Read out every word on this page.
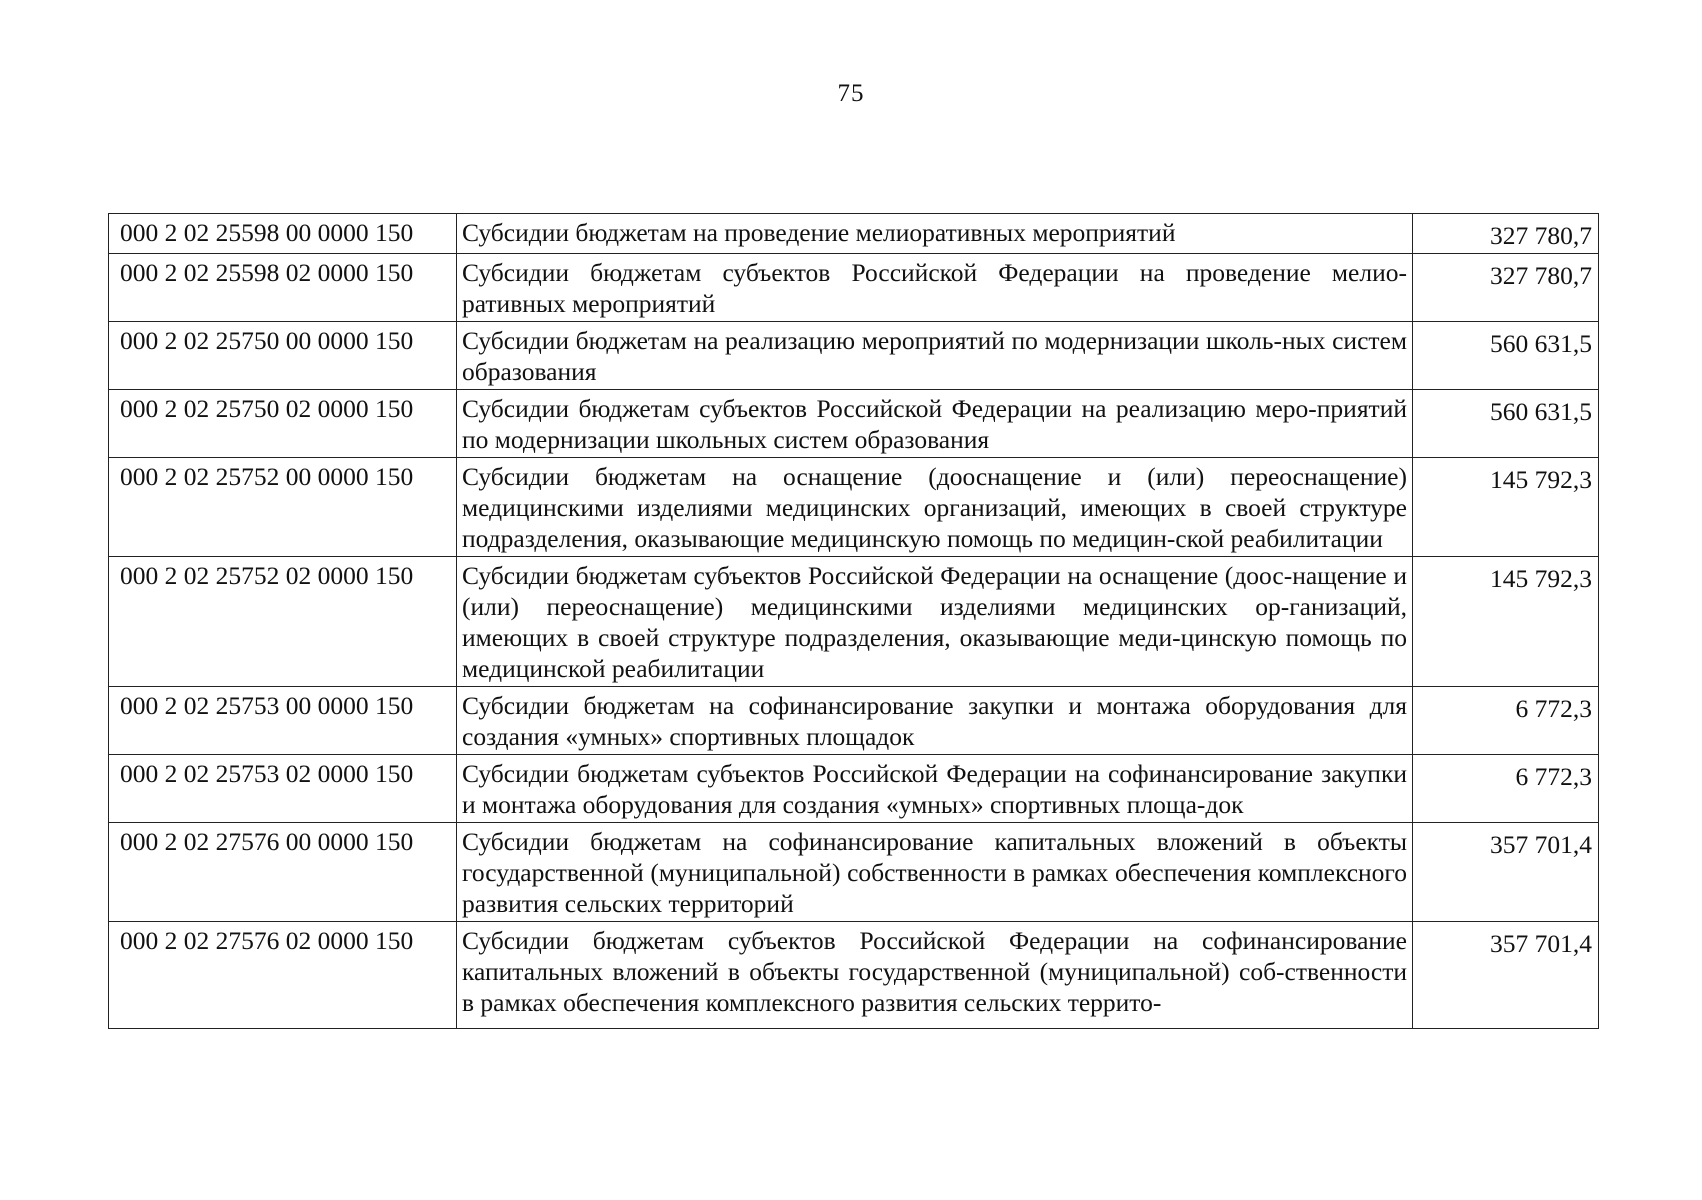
75
000 2 02 25598 00 0000 150	Субсидии бюджетам на проведение мелиоративных мероприятий	327 780,7
000 2 02 25598 02 0000 150	Субсидии бюджетам субъектов Российской Федерации на проведение мелио-ративных мероприятий	327 780,7
000 2 02 25750 00 0000 150	Субсидии бюджетам на реализацию мероприятий по модернизации школь-ных систем образования	560 631,5
000 2 02 25750 02 0000 150	Субсидии бюджетам субъектов Российской Федерации на реализацию меро-приятий по модернизации школьных систем образования	560 631,5
000 2 02 25752 00 0000 150	Субсидии бюджетам на оснащение (дооснащение и (или) переоснащение) медицинскими изделиями медицинских организаций, имеющих в своей структуре подразделения, оказывающие медицинскую помощь по медицин-ской реабилитации	145 792,3
000 2 02 25752 02 0000 150	Субсидии бюджетам субъектов Российской Федерации на оснащение (доос-нащение и (или) переоснащение) медицинскими изделиями медицинских ор-ганизаций, имеющих в своей структуре подразделения, оказывающие меди-цинскую помощь по медицинской реабилитации	145 792,3
000 2 02 25753 00 0000 150	Субсидии бюджетам на софинансирование закупки и монтажа оборудования для создания «умных» спортивных площадок	6 772,3
000 2 02 25753 02 0000 150	Субсидии бюджетам субъектов Российской Федерации на софинансирование закупки и монтажа оборудования для создания «умных» спортивных площа-док	6 772,3
000 2 02 27576 00 0000 150	Субсидии бюджетам на софинансирование капитальных вложений в объекты государственной (муниципальной) собственности в рамках обеспечения комплексного развития сельских территорий	357 701,4
000 2 02 27576 02 0000 150	Субсидии бюджетам субъектов Российской Федерации на софинансирование капитальных вложений в объекты государственной (муниципальной) соб-ственности в рамках обеспечения комплексного развития сельских террито-	357 701,4
